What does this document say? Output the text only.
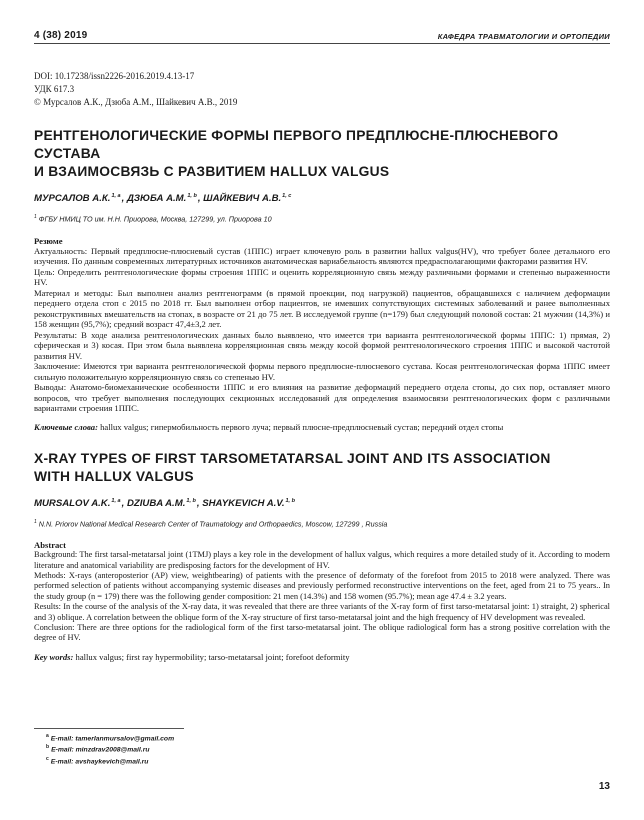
4 (38) 2019	КАФЕДРА ТРАВМАТОЛОГИИ И ОРТОПЕДИИ
DOI: 10.17238/issn2226-2016.2019.4.13-17
УДК 617.3
© Мурсалов А.К., Дзюба А.М., Шайкевич А.В., 2019
РЕНТГЕНОЛОГИЧЕСКИЕ ФОРМЫ ПЕРВОГО ПРЕДПЛЮСНЕ-ПЛЮСНЕВОГО СУСТАВА
И ВЗАИМОСВЯЗЬ С РАЗВИТИЕМ HALLUX VALGUS
МУРСАЛОВ А.К.$^{1, a}$, ДЗЮБА А.М.$^{1, b}$, ШАЙКЕВИЧ А.В.$^{1, c}$
$^1$ ФГБУ НМИЦ ТО им. Н.Н. Приорова, Москва, 127299, ул. Приорова 10
Резюме

Актуальность: Первый предплюсне-плюсневый сустав (1ППС) играет ключевую роль в развитии hallux valgus(HV), что требует более детального его изучения. По данным современных литературных источников анатомическая вариабельность являются предрасполагающими факторами развития HV.

Цель: Определить рентгенологические формы строения 1ППС и оценить корреляционную связь между различными формами и степенью выраженности HV.

Материал и методы: Был выполнен анализ рентгенограмм (в прямой проекции, под нагрузкой) пациентов, обращавшихся с наличием деформации переднего отдела стоп с 2015 по 2018 гг. Был выполнен отбор пациентов, не имевших сопутствующих системных заболеваний и ранее выполненных реконструктивных вмешательств на стопах, в возрасте от 21 до 75 лет. В исследуемой группе (n=179) был следующий половой состав: 21 мужчин (14,3%) и 158 женщин (95,7%); средний возраст 47,4±3,2 лет.

Результаты: В ходе анализа рентгенологических данных было выявлено, что имеется три варианта рентгенологической формы 1ППС: 1) прямая, 2) сферическая и 3) косая. При этом была выявлена корреляционная связь между косой формой рентгенологического строения 1ППС и высокой частотой развития HV.

Заключение: Имеются три варианта рентгенологической формы первого предплюсне-плюсневого сустава. Косая рентгенологическая форма 1ППС имеет сильную положительную корреляционную связь со степенью HV.

Выводы: Анатомо-биомеханические особенности 1ППС и его влияния на развитие деформаций переднего отдела стопы, до сих пор, оставляет много вопросов, что требует выполнения последующих секционных исследований для определения взаимосвязи рентгенологических форм с различными вариантами строения 1ППС.

Ключевые слова: hallux valgus; гипермобильность первого луча; первый плюсне-предплюсневый сустав; передний отдел стопы
X-RAY TYPES OF FIRST TARSOMETATARSAL JOINT AND ITS ASSOCIATION
WITH HALLUX VALGUS
MURSALOV A.K.$^{1, a}$, DZIUBA A.M.$^{1, b}$, SHAYKEVICH A.V.$^{1, b}$
$^1$ N.N. Priorov National Medical Research Center of Traumatology and Orthopaedics, Moscow, 127299 , Russia
Abstract

Background: The first tarsal-metatarsal joint (1TMJ) plays a key role in the development of hallux valgus, which requires a more detailed study of it. According to modern literature and anatomical variability are predisposing factors for the development of HV.

Methods: X-rays (anteroposterior (AP) view, weightbearing) of patients with the presence of deformaty of the forefoot from 2015 to 2018 were analyzed. There was performed selection of patients without accompanying systemic diseases and previously performed reconstructive interventions on the feet, aged from 21 to 75 years.. In the study group (n = 179) there was the following gender composition: 21 men (14.3%) and 158 women (95.7%); mean age 47.4 ± 3.2 years.

Results: In the course of the analysis of the X-ray data, it was revealed that there are three variants of the X-ray form of first tarso-metatarsal joint: 1) straight, 2) spherical and 3) oblique. A correlation between the oblique form of the X-ray structure of first tarso-metatarsal joint and the high frequency of HV development was revealed.

Conclusion: There are three options for the radiological form of the first tarso-metatarsal joint. The oblique radiological form has a strong positive correlation with the degree of HV.

Key words: hallux valgus; first ray hypermobility; tarso-metatarsal joint; forefoot deformity
$^a$ E-mail: tamerlanmursalov@gmail.com
$^b$ E-mail: minzdrav2008@mail.ru
$^c$ E-mail: avshaykevich@mail.ru
13
